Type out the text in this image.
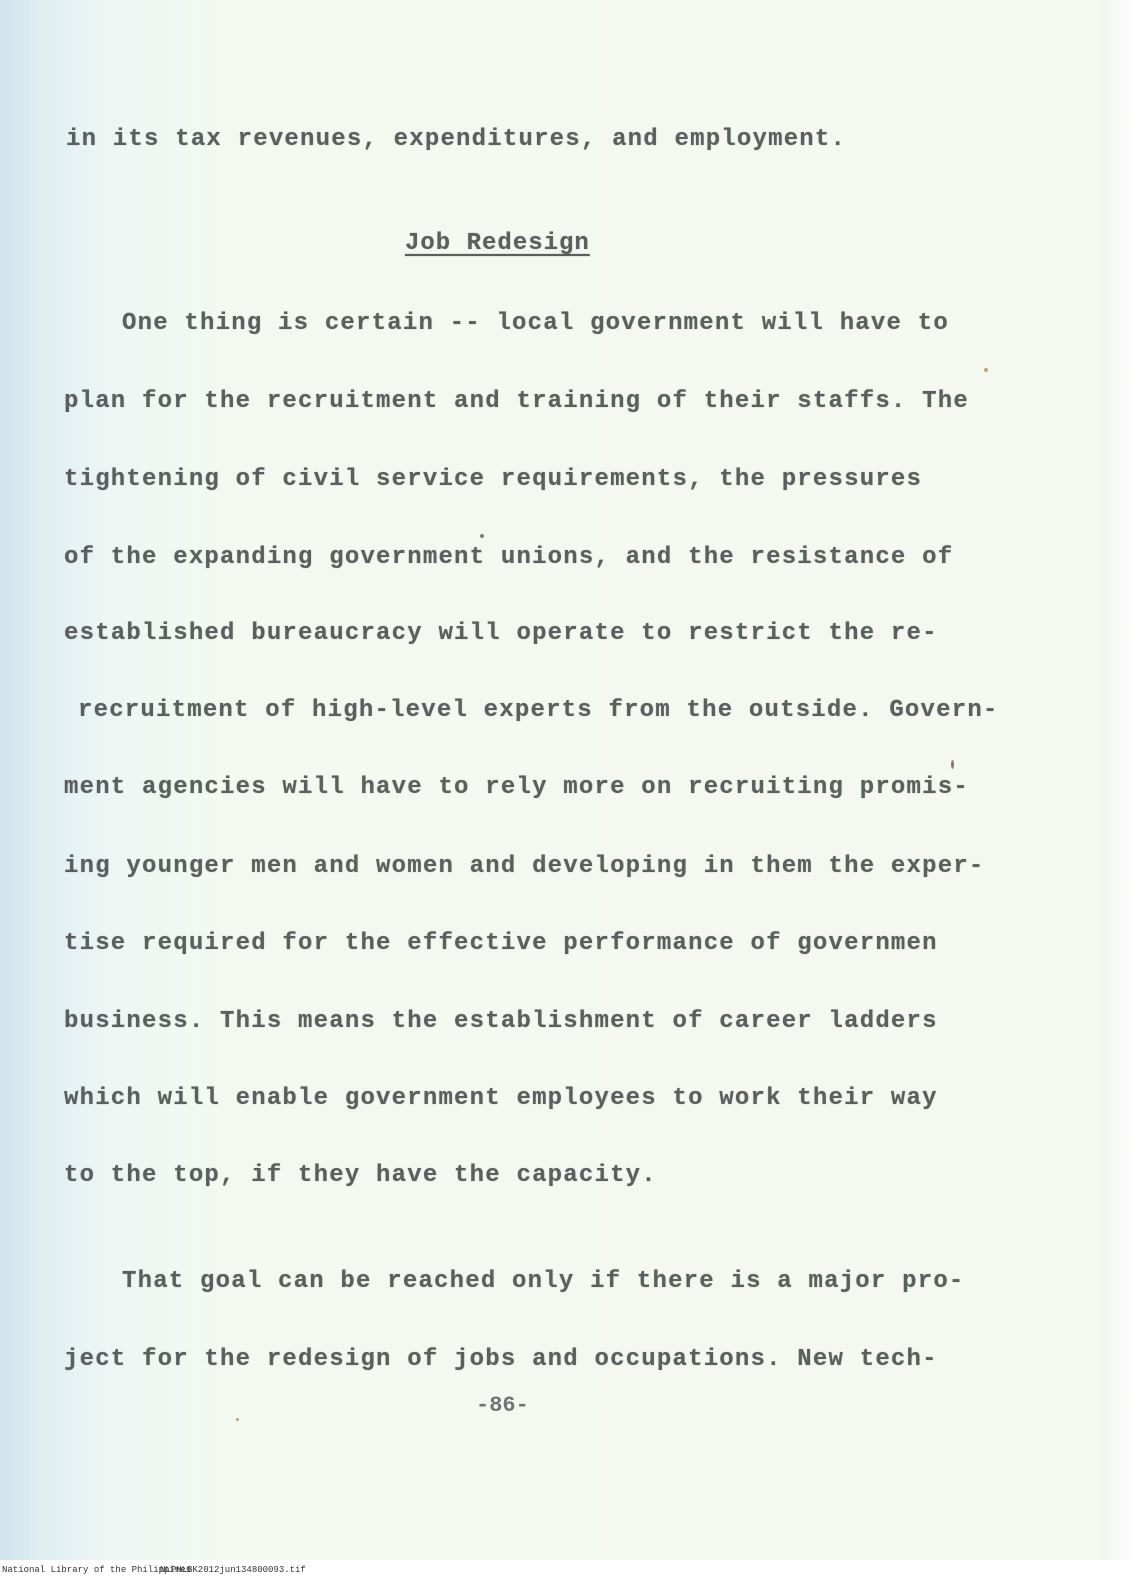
in its tax revenues, expenditures, and employment.

Job Redesign

One thing is certain -- local government will have to

plan for the recruitment and training of their staffs. The

tightening of civil service requirements, the pressures

of the expanding government unions, and the resistance of

established bureaucracy will operate to restrict the re-

recruitment of high-level experts from the outside. Govern-

ment agencies will have to rely more on recruiting promis-

ing younger men and women and developing in them the exper-

tise required for the effective performance of governmen

business. This means the establishment of career ladders

which will enable government employees to work their way

to the top, if they have the capacity.

That goal can be reached only if there is a major pro-

ject for the redesign of jobs and occupations. New tech-

-86-

National Library of the Philippines

NLPHLBK2012jun134800093.tif
